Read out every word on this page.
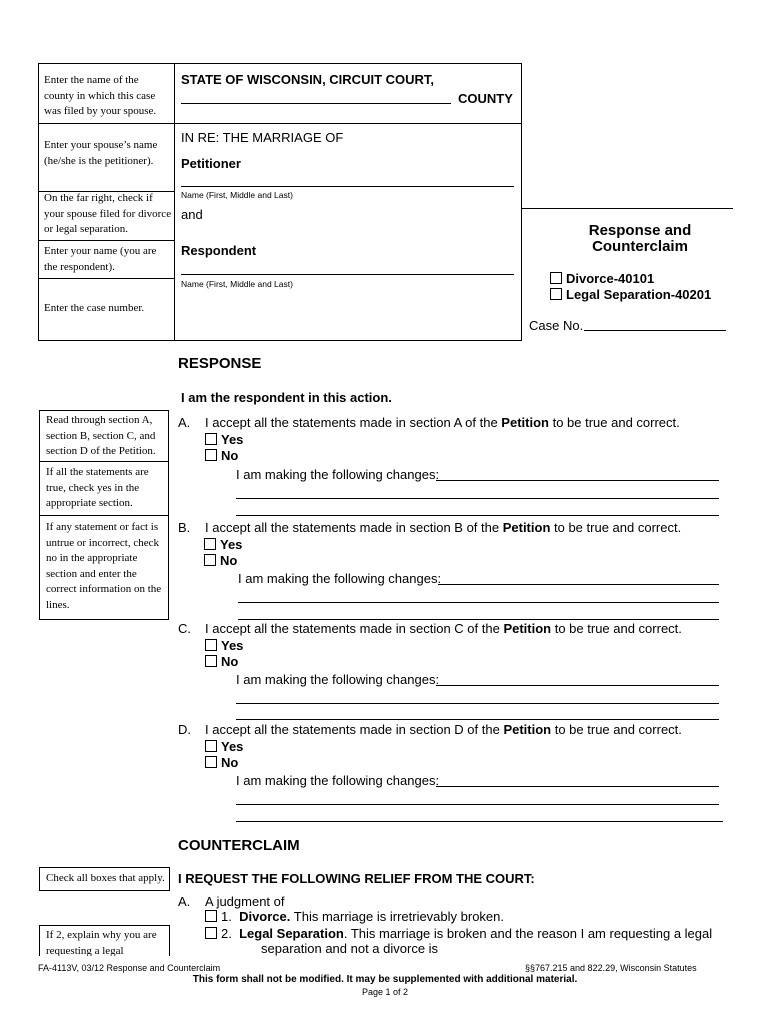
Enter the name of the county in which this case was filed by your spouse.
Enter your spouse’s name (he/she is the petitioner).
On the far right, check if your spouse filed for divorce or legal separation.
Enter your name (you are the respondent).
Enter the case number.
STATE OF WISCONSIN, CIRCUIT COURT,
COUNTY
IN RE: THE MARRIAGE OF
Petitioner
Name (First, Middle and Last)
and
Respondent
Name (First, Middle and Last)
Response and
Counterclaim
Divorce-40101
Legal Separation-40201
Case No.
RESPONSE
I am the respondent in this action.
Read through section A, section B, section C, and section D of the Petition.
If all the statements are true, check yes in the appropriate section.
If any statement or fact is untrue or incorrect, check no in the appropriate section and enter the correct information on the lines.
A. I accept all the statements made in section A of the Petition to be true and correct.
Yes
No
I am making the following changes:
B. I accept all the statements made in section B of the Petition to be true and correct.
Yes
No
I am making the following changes:
C. I accept all the statements made in section C of the Petition to be true and correct.
Yes
No
I am making the following changes:
D. I accept all the statements made in section D of the Petition to be true and correct.
Yes
No
I am making the following changes:
COUNTERCLAIM
Check all boxes that apply.	I REQUEST THE FOLLOWING RELIEF FROM THE COURT:
A. A judgment of
1. Divorce. This marriage is irretrievably broken.
2. Legal Separation. This marriage is broken and the reason I am requesting a legal
separation and not a divorce is
If 2, explain why you are requesting a legal
FA-4113V, 03/12 Response and Counterclaim	§§767.215 and 822.29, Wisconsin Statutes
This form shall not be modified. It may be supplemented with additional material.
Page 1 of 2
